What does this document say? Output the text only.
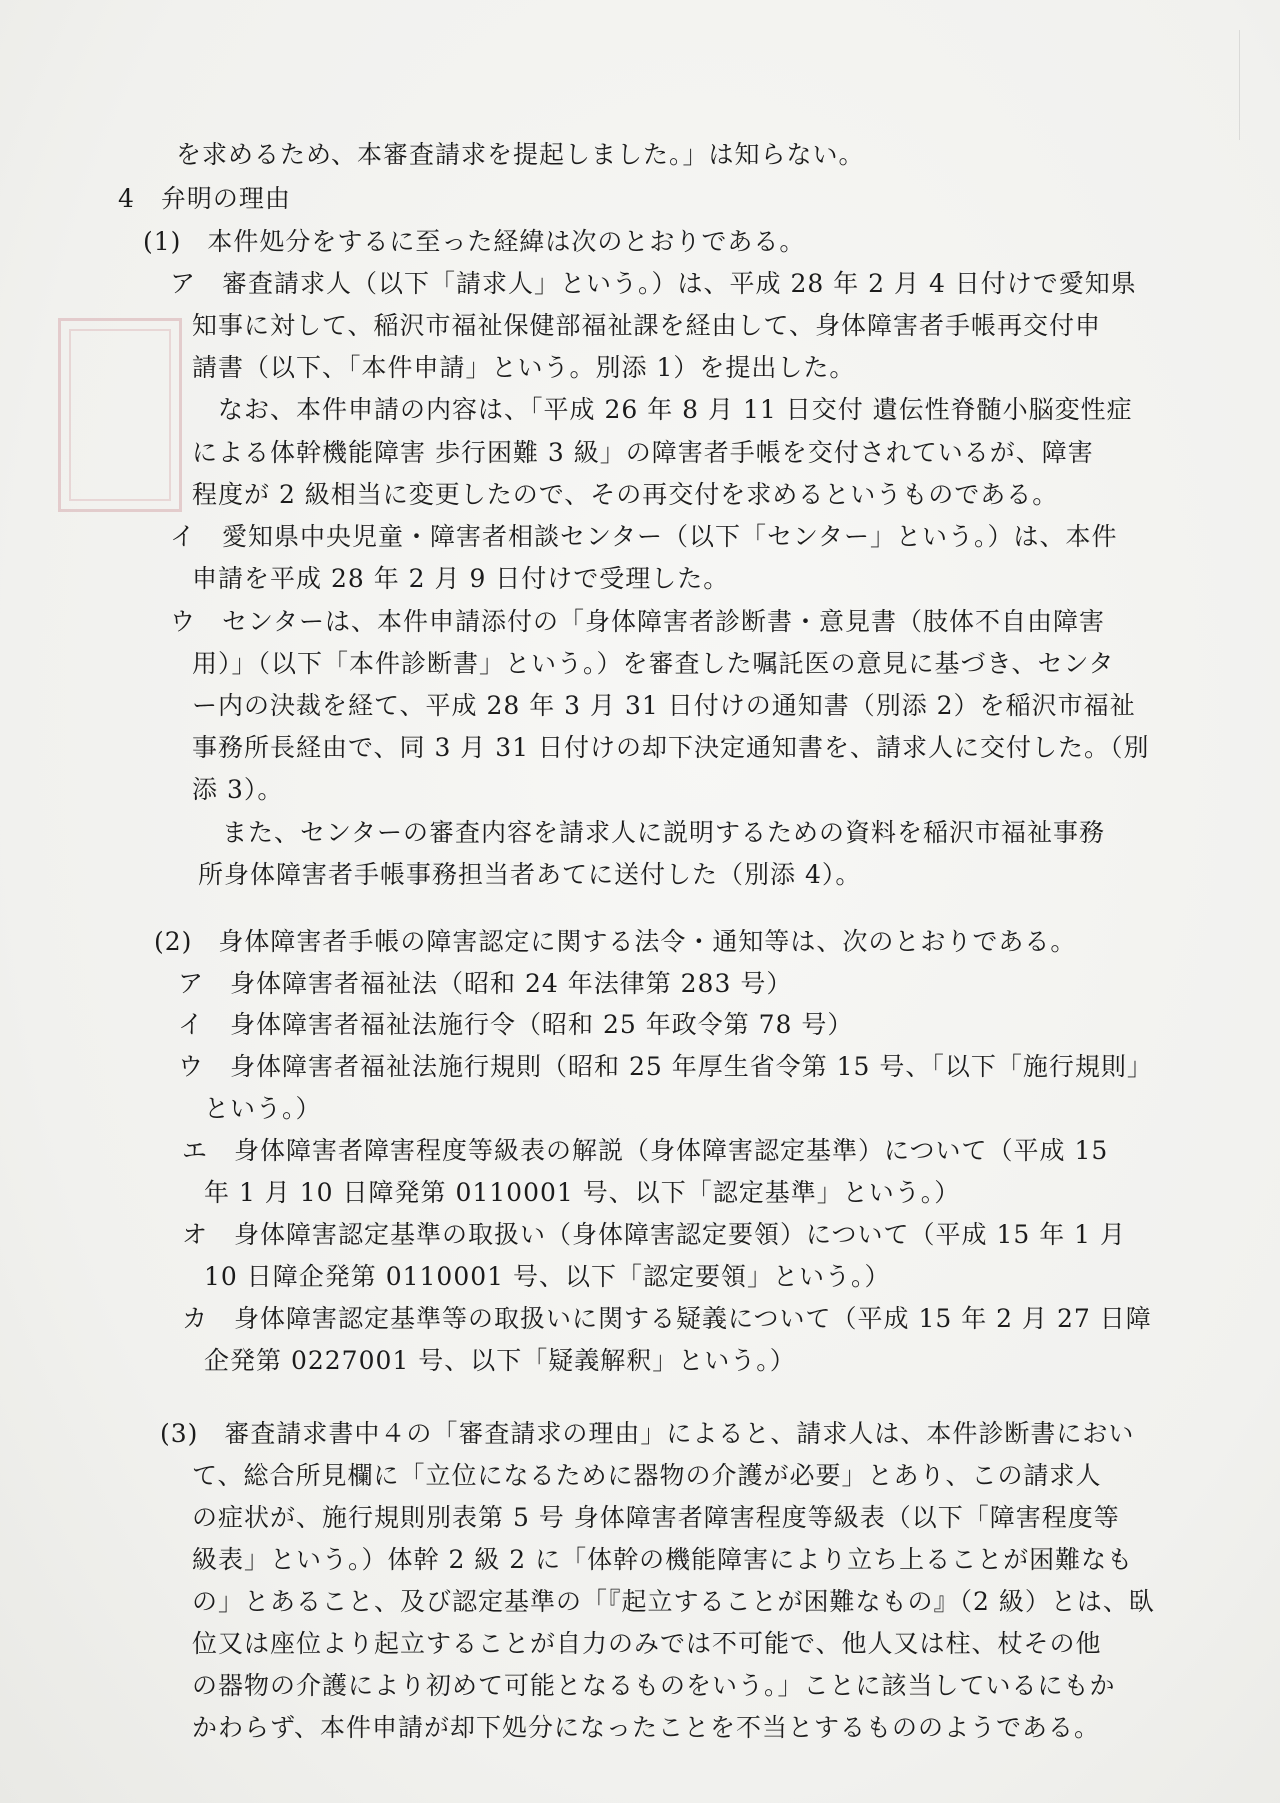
を求めるため、本審査請求を提起しました。」は知らない。
4　弁明の理由
(1)　本件処分をするに至った経緯は次のとおりである。
ア　審査請求人（以下「請求人」という。）は、平成 28 年 2 月 4 日付けで愛知県
知事に対して、稲沢市福祉保健部福祉課を経由して、身体障害者手帳再交付申
請書（以下、「本件申請」という。別添 1）を提出した。
なお、本件申請の内容は、「平成 26 年 8 月 11 日交付 遺伝性脊髄小脳変性症
による体幹機能障害 歩行困難 3 級」の障害者手帳を交付されているが、障害
程度が 2 級相当に変更したので、その再交付を求めるというものである。
イ　愛知県中央児童・障害者相談センター（以下「センター」という。）は、本件
申請を平成 28 年 2 月 9 日付けで受理した。
ウ　センターは、本件申請添付の「身体障害者診断書・意見書（肢体不自由障害
用）」（以下「本件診断書」という。）を審査した嘱託医の意見に基づき、センタ
ー内の決裁を経て、平成 28 年 3 月 31 日付けの通知書（別添 2）を稲沢市福祉
事務所長経由で、同 3 月 31 日付けの却下決定通知書を、請求人に交付した。（別
添 3）。
また、センターの審査内容を請求人に説明するための資料を稲沢市福祉事務
所身体障害者手帳事務担当者あてに送付した（別添 4）。
(2)　身体障害者手帳の障害認定に関する法令・通知等は、次のとおりである。
ア　身体障害者福祉法（昭和 24 年法律第 283 号）
イ　身体障害者福祉法施行令（昭和 25 年政令第 78 号）
ウ　身体障害者福祉法施行規則（昭和 25 年厚生省令第 15 号、「以下「施行規則」
という。）
エ　身体障害者障害程度等級表の解説（身体障害認定基準）について（平成 15
年 1 月 10 日障発第 0110001 号、以下「認定基準」という。）
オ　身体障害認定基準の取扱い（身体障害認定要領）について（平成 15 年 1 月
10 日障企発第 0110001 号、以下「認定要領」という。）
カ　身体障害認定基準等の取扱いに関する疑義について（平成 15 年 2 月 27 日障
企発第 0227001 号、以下「疑義解釈」という。）
(3)　審査請求書中４の「審査請求の理由」によると、請求人は、本件診断書におい
て、総合所見欄に「立位になるために器物の介護が必要」とあり、この請求人
の症状が、施行規則別表第 5 号 身体障害者障害程度等級表（以下「障害程度等
級表」という。）体幹 2 級 2 に「体幹の機能障害により立ち上ることが困難なも
の」とあること、及び認定基準の「『起立することが困難なもの』（2 級）とは、臥
位又は座位より起立することが自力のみでは不可能で、他人又は柱、杖その他
の器物の介護により初めて可能となるものをいう。」ことに該当しているにもか
かわらず、本件申請が却下処分になったことを不当とするもののようである。
